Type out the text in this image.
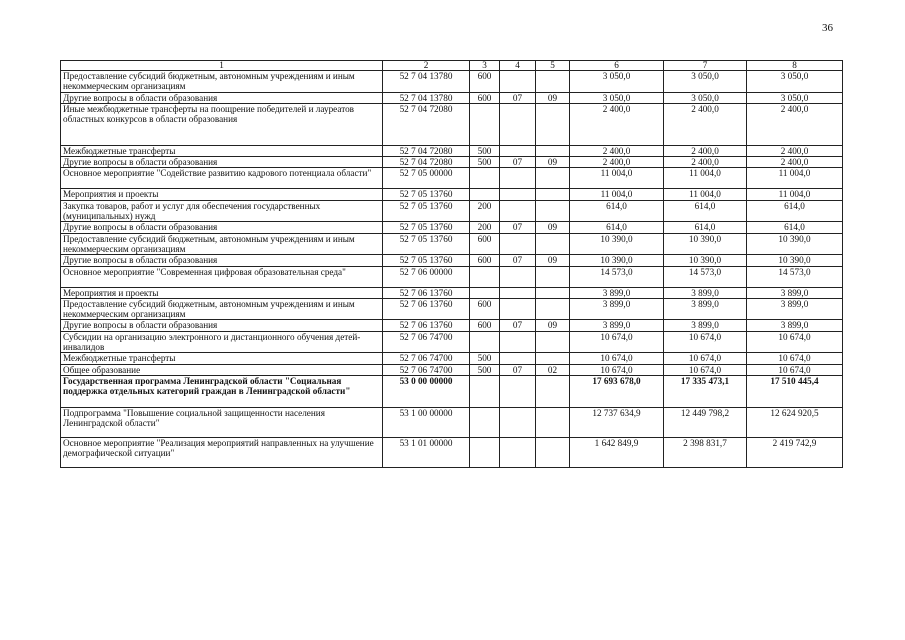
36
1	2	3	4	5	6	7	8
Предоставление субсидий бюджетным, автономным учреждениям и иным некоммерческим организациям	52 7 04 13780	600			3 050,0	3 050,0	3 050,0
Другие вопросы в области образования	52 7 04 13780	600	07	09	3 050,0	3 050,0	3 050,0
Иные межбюджетные трансферты на поощрение победителей и лауреатов областных конкурсов в области образования	52 7 04 72080				2 400,0	2 400,0	2 400,0
Межбюджетные трансферты	52 7 04 72080	500			2 400,0	2 400,0	2 400,0
Другие вопросы в области образования	52 7 04 72080	500	07	09	2 400,0	2 400,0	2 400,0
Основное мероприятие "Содействие развитию кадрового потенциала области"	52 7 05 00000				11 004,0	11 004,0	11 004,0
Мероприятия и проекты	52 7 05 13760				11 004,0	11 004,0	11 004,0
Закупка товаров, работ и услуг для обеспечения государственных (муниципальных) нужд	52 7 05 13760	200			614,0	614,0	614,0
Другие вопросы в области образования	52 7 05 13760	200	07	09	614,0	614,0	614,0
Предоставление субсидий бюджетным, автономным учреждениям и иным некоммерческим организациям	52 7 05 13760	600			10 390,0	10 390,0	10 390,0
Другие вопросы в области образования	52 7 05 13760	600	07	09	10 390,0	10 390,0	10 390,0
Основное мероприятие "Современная цифровая образовательная среда"	52 7 06 00000				14 573,0	14 573,0	14 573,0
Мероприятия и проекты	52 7 06 13760				3 899,0	3 899,0	3 899,0
Предоставление субсидий бюджетным, автономным учреждениям и иным некоммерческим организациям	52 7 06 13760	600			3 899,0	3 899,0	3 899,0
Другие вопросы в области образования	52 7 06 13760	600	07	09	3 899,0	3 899,0	3 899,0
Субсидии на организацию электронного и дистанционного обучения детей-инвалидов	52 7 06 74700				10 674,0	10 674,0	10 674,0
Межбюджетные трансферты	52 7 06 74700	500			10 674,0	10 674,0	10 674,0
Общее образование	52 7 06 74700	500	07	02	10 674,0	10 674,0	10 674,0
Государственная программа Ленинградской области "Социальная поддержка отдельных категорий граждан в Ленинградской области"	53 0 00 00000				17 693 678,0	17 335 473,1	17 510 445,4
Подпрограмма "Повышение социальной защищенности населения Ленинградской области"	53 1 00 00000				12 737 634,9	12 449 798,2	12 624 920,5
Основное мероприятие "Реализация мероприятий направленных на улучшение демографической ситуации"	53 1 01 00000				1 642 849,9	2 398 831,7	2 419 742,9
